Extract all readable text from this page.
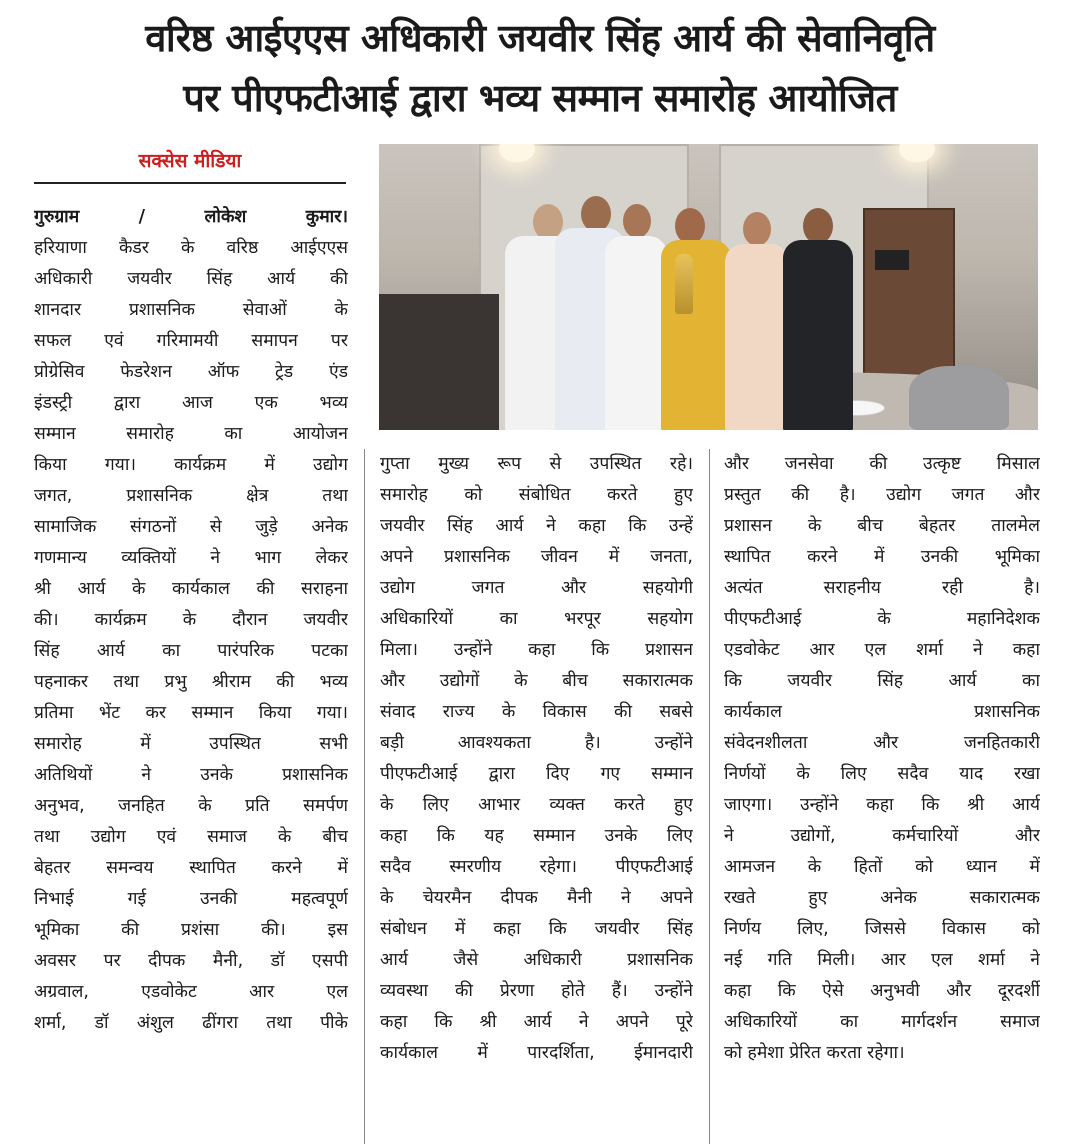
वरिष्ठ आईएएस अधिकारी जयवीर सिंह आर्य की सेवानिवृति
पर पीएफटीआई द्वारा भव्य सम्मान समारोह आयोजित
सक्सेस मीडिया
गुरुग्राम / लोकेश कुमार।
हरियाणा कैडर के वरिष्ठ आईएएस
अधिकारी जयवीर सिंह आर्य की
शानदार प्रशासनिक सेवाओं के
सफल एवं गरिमामयी समापन पर
प्रोग्रेसिव फेडरेशन ऑफ ट्रेड एंड
इंडस्ट्री द्वारा आज एक भव्य
सम्मान समारोह का आयोजन
किया गया। कार्यक्रम में उद्योग
जगत, प्रशासनिक क्षेत्र तथा
सामाजिक संगठनों से जुड़े अनेक
गणमान्य व्यक्तियों ने भाग लेकर
श्री आर्य के कार्यकाल की सराहना
की। कार्यक्रम के दौरान जयवीर
सिंह आर्य का पारंपरिक पटका
पहनाकर तथा प्रभु श्रीराम की भव्य
प्रतिमा भेंट कर सम्मान किया गया।
समारोह में उपस्थित सभी
अतिथियों ने उनके प्रशासनिक
अनुभव, जनहित के प्रति समर्पण
तथा उद्योग एवं समाज के बीच
बेहतर समन्वय स्थापित करने में
निभाई गई उनकी महत्वपूर्ण
भूमिका की प्रशंसा की। इस
अवसर पर दीपक मैनी, डॉ एसपी
अग्रवाल, एडवोकेट आर एल
शर्मा, डॉ अंशुल ढींगरा तथा पीके
गुप्ता मुख्य रूप से उपस्थित रहे।
समारोह को संबोधित करते हुए
जयवीर सिंह आर्य ने कहा कि उन्हें
अपने प्रशासनिक जीवन में जनता,
उद्योग जगत और सहयोगी
अधिकारियों का भरपूर सहयोग
मिला। उन्होंने कहा कि प्रशासन
और उद्योगों के बीच सकारात्मक
संवाद राज्य के विकास की सबसे
बड़ी आवश्यकता है। उन्होंने
पीएफटीआई द्वारा दिए गए सम्मान
के लिए आभार व्यक्त करते हुए
कहा कि यह सम्मान उनके लिए
सदैव स्मरणीय रहेगा। पीएफटीआई
के चेयरमैन दीपक मैनी ने अपने
संबोधन में कहा कि जयवीर सिंह
आर्य जैसे अधिकारी प्रशासनिक
व्यवस्था की प्रेरणा होते हैं। उन्होंने
कहा कि श्री आर्य ने अपने पूरे
कार्यकाल में पारदर्शिता, ईमानदारी
और जनसेवा की उत्कृष्ट मिसाल
प्रस्तुत की है। उद्योग जगत और
प्रशासन के बीच बेहतर तालमेल
स्थापित करने में उनकी भूमिका
अत्यंत सराहनीय रही है।
पीएफटीआई के महानिदेशक
एडवोकेट आर एल शर्मा ने कहा
कि जयवीर सिंह आर्य का
कार्यकाल प्रशासनिक
संवेदनशीलता और जनहितकारी
निर्णयों के लिए सदैव याद रखा
जाएगा। उन्होंने कहा कि श्री आर्य
ने उद्योगों, कर्मचारियों और
आमजन के हितों को ध्यान में
रखते हुए अनेक सकारात्मक
निर्णय लिए, जिससे विकास को
नई गति मिली। आर एल शर्मा ने
कहा कि ऐसे अनुभवी और दूरदर्शी
अधिकारियों का मार्गदर्शन समाज
को हमेशा प्रेरित करता रहेगा।
